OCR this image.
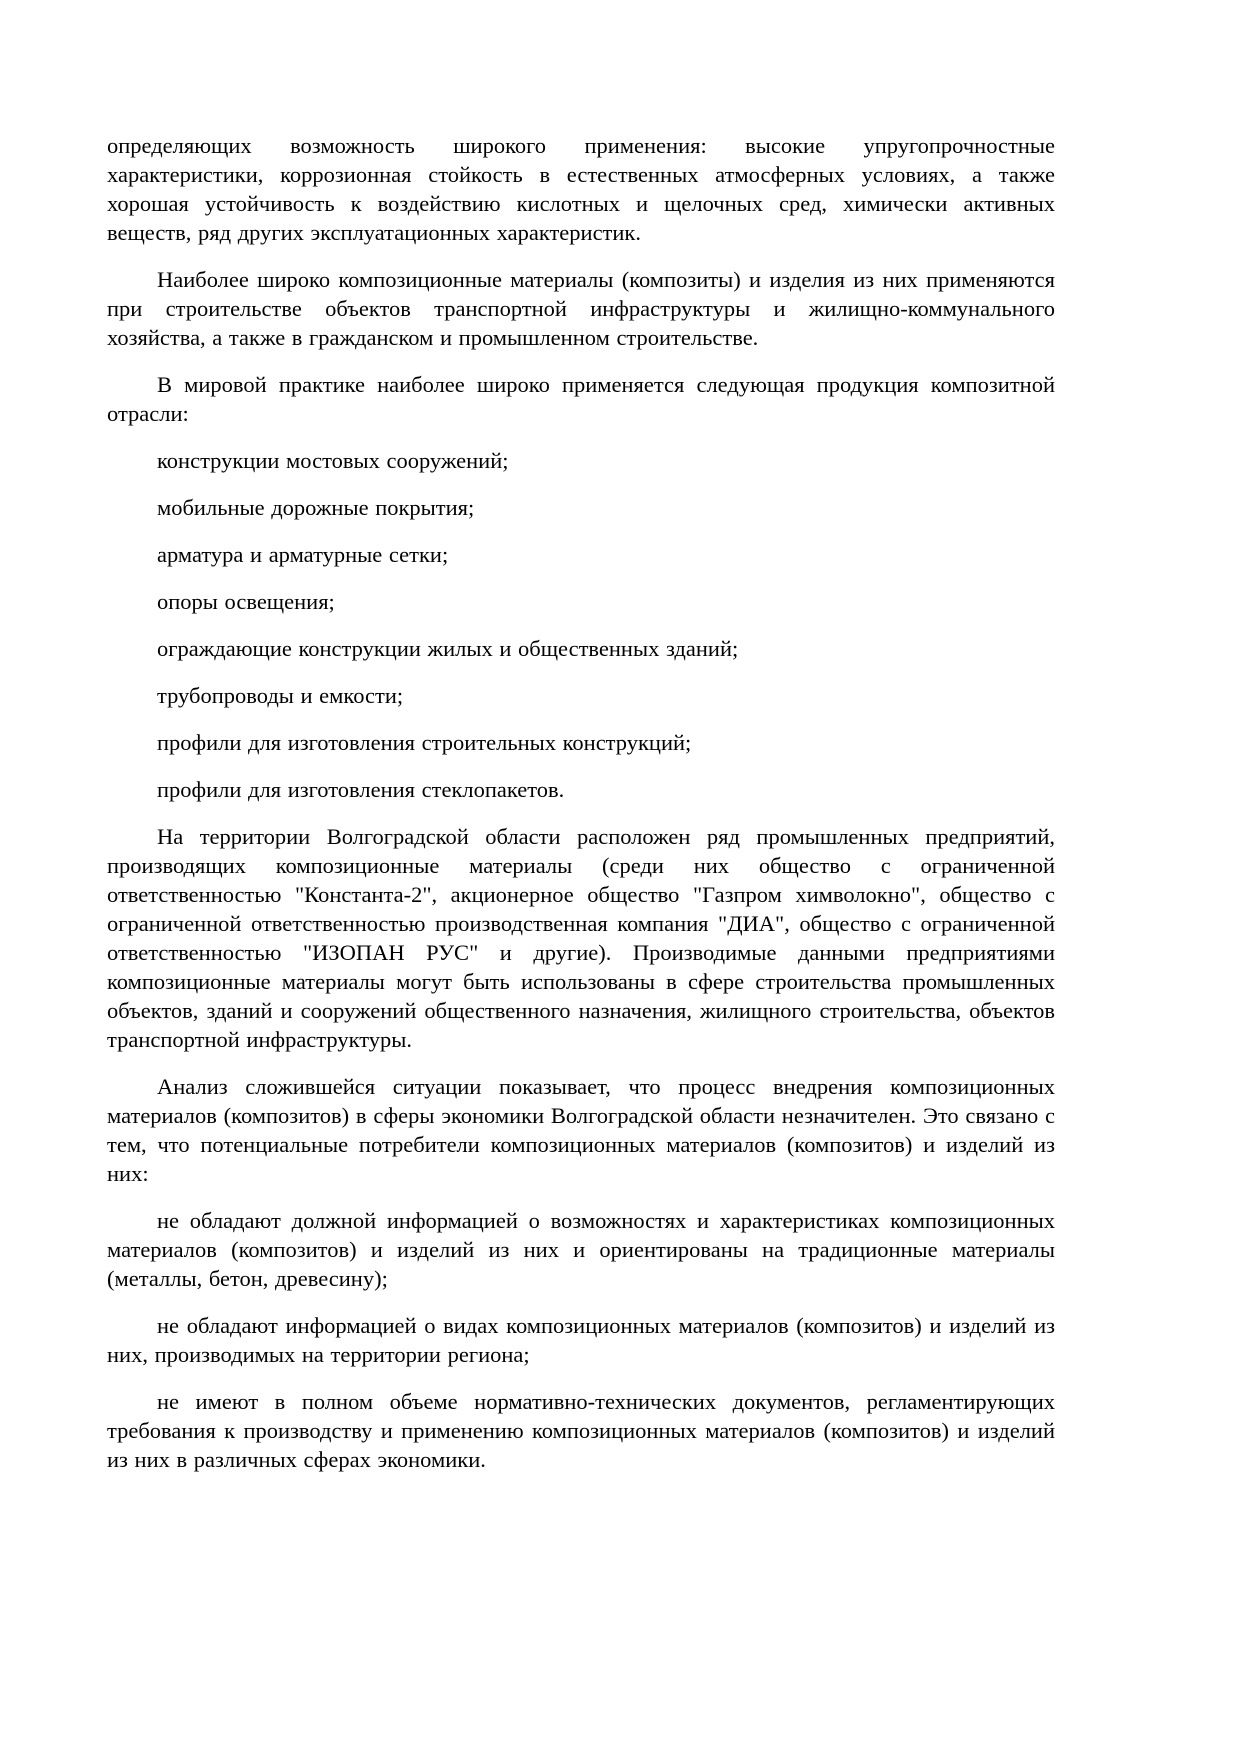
определяющих возможность широкого применения: высокие упругопрочностные характеристики, коррозионная стойкость в естественных атмосферных условиях, а также хорошая устойчивость к воздействию кислотных и щелочных сред, химически активных веществ, ряд других эксплуатационных характеристик.

Наиболее широко композиционные материалы (композиты) и изделия из них применяются при строительстве объектов транспортной инфраструктуры и жилищно-коммунального хозяйства, а также в гражданском и промышленном строительстве.

В мировой практике наиболее широко применяется следующая продукция композитной отрасли:

конструкции мостовых сооружений;

мобильные дорожные покрытия;

арматура и арматурные сетки;

опоры освещения;

ограждающие конструкции жилых и общественных зданий;

трубопроводы и емкости;

профили для изготовления строительных конструкций;

профили для изготовления стеклопакетов.

На территории Волгоградской области расположен ряд промышленных предприятий, производящих композиционные материалы (среди них общество с ограниченной ответственностью "Константа-2", акционерное общество "Газпром химволокно", общество с ограниченной ответственностью производственная компания "ДИА", общество с ограниченной ответственностью "ИЗОПАН РУС" и другие). Производимые данными предприятиями композиционные материалы могут быть использованы в сфере строительства промышленных объектов, зданий и сооружений общественного назначения, жилищного строительства, объектов транспортной инфраструктуры.

Анализ сложившейся ситуации показывает, что процесс внедрения композиционных материалов (композитов) в сферы экономики Волгоградской области незначителен. Это связано с тем, что потенциальные потребители композиционных материалов (композитов) и изделий из них:

не обладают должной информацией о возможностях и характеристиках композиционных материалов (композитов) и изделий из них и ориентированы на традиционные материалы (металлы, бетон, древесину);

не обладают информацией о видах композиционных материалов (композитов) и изделий из них, производимых на территории региона;

не имеют в полном объеме нормативно-технических документов, регламентирующих требования к производству и применению композиционных материалов (композитов) и изделий из них в различных сферах экономики.
